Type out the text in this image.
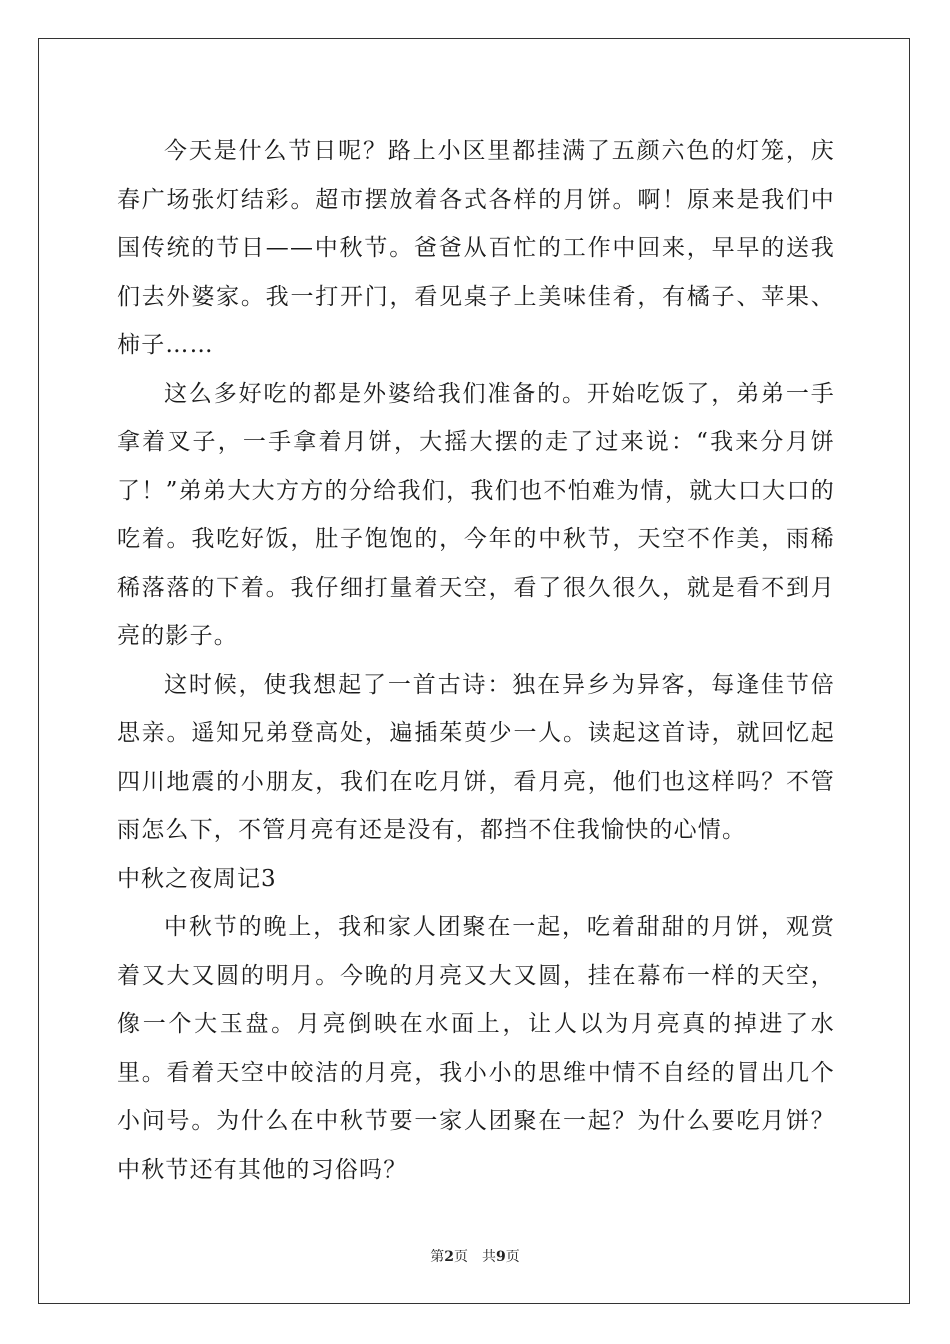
今天是什么节日呢？路上小区里都挂满了五颜六色的灯笼，庆春广场张灯结彩。超市摆放着各式各样的月饼。啊！原来是我们中国传统的节日——中秋节。爸爸从百忙的工作中回来，早早的送我们去外婆家。我一打开门，看见桌子上美味佳肴，有橘子、苹果、柿子……

这么多好吃的都是外婆给我们准备的。开始吃饭了，弟弟一手拿着叉子，一手拿着月饼，大摇大摆的走了过来说：“我来分月饼了！”弟弟大大方方的分给我们，我们也不怕难为情，就大口大口的吃着。我吃好饭，肚子饱饱的，今年的中秋节，天空不作美，雨稀稀落落的下着。我仔细打量着天空，看了很久很久，就是看不到月亮的影子。

这时候，使我想起了一首古诗：独在异乡为异客，每逢佳节倍思亲。遥知兄弟登高处，遍插茱萸少一人。读起这首诗，就回忆起四川地震的小朋友，我们在吃月饼，看月亮，他们也这样吗？不管雨怎么下，不管月亮有还是没有，都挡不住我愉快的心情。

中秋之夜周记3

中秋节的晚上，我和家人团聚在一起，吃着甜甜的月饼，观赏着又大又圆的明月。今晚的月亮又大又圆，挂在幕布一样的天空，像一个大玉盘。月亮倒映在水面上，让人以为月亮真的掉进了水里。看着天空中皎洁的月亮，我小小的思维中情不自经的冒出几个小问号。为什么在中秋节要一家人团聚在一起？为什么要吃月饼？中秋节还有其他的习俗吗？

第2页　共9页
